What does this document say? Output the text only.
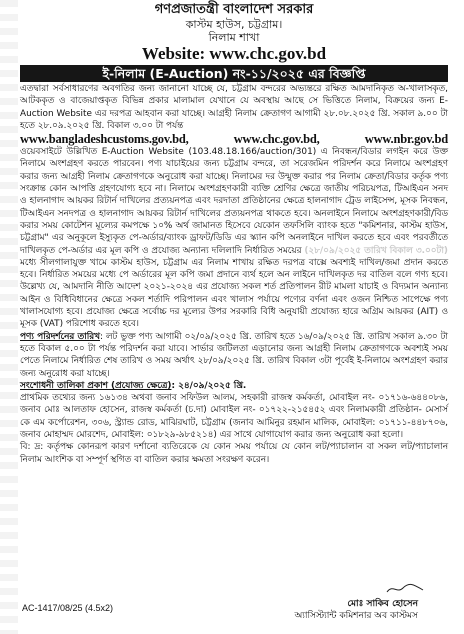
গণপ্রজাতন্ত্রী বাংলাদেশ সরকার
কাস্টম হাউস, চট্টগ্রাম।
নিলাম শাখা
Website: www.chc.gov.bd
ই-নিলাম (E-Auction) নং-১১/২০২৫ এর বিজ্ঞপ্তি

এতদ্বারা সর্বসাধারণের অবগতির জন্য জানানো যাচ্ছে যে, চট্টগ্রাম বন্দরের অভ্যন্তরে রক্ষিত আমদানিকৃত অ-খালাসকৃত, আটককৃত ও বাজেয়াপ্তকৃত বিভিন্ন প্রকার মালামাল যেখানে যে অবস্থায় আছে সে ভিত্তিতে নিলাম, বিক্রয়ের জন্য E-Auction Website এর দরপত্র আহবান করা যাচ্ছে। আগ্রহী নিলাম ক্রেতাগণ আগামী ২৮.০৮.২০২৫ খ্রি. সকাল ৯.০০ টা হতে ২৮.০৯.২০২৫ খ্রি. বিকাল ৩.০০ টা পর্যন্ত

www.bangladeshcustoms.gov.bd,	www.chc.gov.bd,	www.nbr.gov.bd

ওয়েবসাইটে উল্লিখিত E-Auction Website (103.48.18.166/auction/301) এ নিবন্ধন/বিডার লগইন করে উক্ত নিলামে অংশগ্রহণ করতে পারবেন। পণ্য যাচাইয়ের জন্য চট্টগ্রাম বন্দরে, তা সরেজমিন পরিদর্শন করে নিলামে অংশগ্রহণ করার জন্য আগ্রহী নিলাম ক্রেতাগণকে অনুরোধ করা যাচ্ছে। নিলামের দর উন্মুক্ত করার পর নিলাম ক্রেতা/বিডার কর্তৃক পণ্য সংক্রান্ত কোন আপত্তি গ্রহণযোগ্য হবে না। নিলামে অংশগ্রহণকারী ব্যক্তি শ্রেণির ক্ষেত্রে জাতীয় পরিচয়পত্র, টিআইএন সনদ ও হালনাগাদ আয়কর রিটার্ন দাখিলের প্রত্যয়নপত্র এবং দরদাতা প্রতিষ্ঠানের ক্ষেত্রে হালনাগাদ ট্রেড লাইসেন্স, মূসক নিবন্ধন, টিআইএন সনদপত্র ও হালনাগাদ আয়কর রিটার্ন দাখিলের প্রত্যয়নপত্র থাকতে হবে। অনলাইনে নিলামে অংশগ্রহণকারী/বিড করার সময় কোটেশন মূল্যের কমপক্ষে ১০% অর্থ জামানত হিসেবে যেকোন তফসিলি ব্যাংক হতে "কমিশনার, কাস্টম হাউস, চট্টগ্রাম" এর অনুকূলে ইস্যুকৃত পে-অর্ডার/ব্যাংক ড্রাফট/ডিডি এর স্ক্যান কপি অনলাইনে দাখিল করতে হবে এবং পরবর্তীতে দাখিলকৃত পে-অর্ডার এর মূল কপি ও প্রযোজ্য অন্যান্য দলিলাদি নির্ধারিত সময়ের (২৮/০৯/২০২৫ তারিখ বিকাল ৩.০০টা) মধ্যে সীলগালাযুক্ত খামে কাস্টম হাউস, চট্টগ্রাম এর নিলাম শাখায় রক্ষিত দরপত্র বাক্সে অবশ্যই দাখিল/জমা প্রদান করতে হবে। নির্ধারিত সময়ের মধ্যে পে অর্ডারের মূল কপি জমা প্রদানে ব্যর্থ হলে অন লাইনে দাখিলকৃত দর বাতিল বলে গণ্য হবে। উল্লেখ্য যে, আমদানি নীতি আদেশ ২০২১-২০২৪ এর প্রযোজ্য সকল শর্ত প্রতিপালন রীট মামলা যাচাই ও বিদ্যমান অন্যান্য আইন ও বিধিবিধানের ক্ষেত্রে সকল শর্তাদি পরিপালন এবং খালাস পর্যায়ে পণ্যের বর্ণনা এবং ওজন নিশ্চিত সাপেক্ষে পণ্য খালাসযোগ্য হবে। প্রযোজ্য ক্ষেত্রে সর্বোচ্চ দর মূল্যের উপর সরকারি বিধি অনুযায়ী প্রযোজ্য হারে অগ্রিম আয়কর (AIT) ও মূসক (VAT) পরিশোধ করতে হবে।

পণ্য পরিদর্শনের তারিখ: লট ভুক্ত পণ্য আগামী ০২/০৯/২০২৫ খ্রি. তারিখ হতে ১৬/০৯/২০২৫ খ্রি. তারিখ সকাল ৯.৩০ টা হতে বিকাল ৫.০০ টা পর্যন্ত পরিদর্শন করা যাবে। সার্ভার জটিলতা এড়ানোর জন্য আগ্রহী নিলাম ক্রেতাগণকে অবশ্যই সময় পেতে নিলামে নির্ধারিত শেষ তারিখ ও সময় অর্থাৎ ২৮/০৯/২০২৫ খ্রি. তারিখ বিকাল ৩টা পূর্বেই ই-নিলামে অংশগ্রহণ করার জন্য অনুরোধ করা যাচ্ছে।

সংশোধনী তালিকা প্রকাশ (প্রযোজ্য ক্ষেত্রে): ২৪/০৯/২০২৫ খ্রি.

প্রাথমিক তথ্যের জন্য ১৬১৩৪ অথবা জনাব সফিউল আলম, সহকারী রাজস্ব কর্মকর্তা, মোবাইল নং- ০১৭১৬-৬৪৪০৮৬, জনাব মোঃ আলতাফ হোসেন, রাজস্ব কর্মকর্তা (চ.দা) মোবাইল নং- ০১৭২২-২১৫৪৫২ এবং নিলামকারী প্রতিষ্ঠান- মেসার্স কে এম কর্পোরেশন, ৩০৬, স্ট্র্যান্ড রোড, মাঝিরঘাট, চট্টগ্রাম (জনাব আমিনুর রহমান মালিক, মোবাইল: ০১৭১১-৪৪৮৭০৬, জনাব মোহাম্মদ মোরশেদ, মোবাইল: ০১৮২৯-৯৮৫২১৪) এর সাথে যোগাযোগ করার জন্য অনুরোধ করা হলো।

বি: দ্র: কর্তৃপক্ষ কোনরূপ কারণ দর্শানো ব্যতিরেকে যে কোন সময় পর্যায়ে যে কোন লট/প্যাচালান বা সকল লট/প্যাচালান নিলাম আংশিক বা সম্পূর্ণ স্থগিত বা বাতিল করার ক্ষমতা সংরক্ষণ করেন।

মোঃ সাকিব হোসেন
অ্যাসিস্ট্যান্ট কমিশনার অব কাস্টমস
AC-1417/08/25 (4.5x2)
